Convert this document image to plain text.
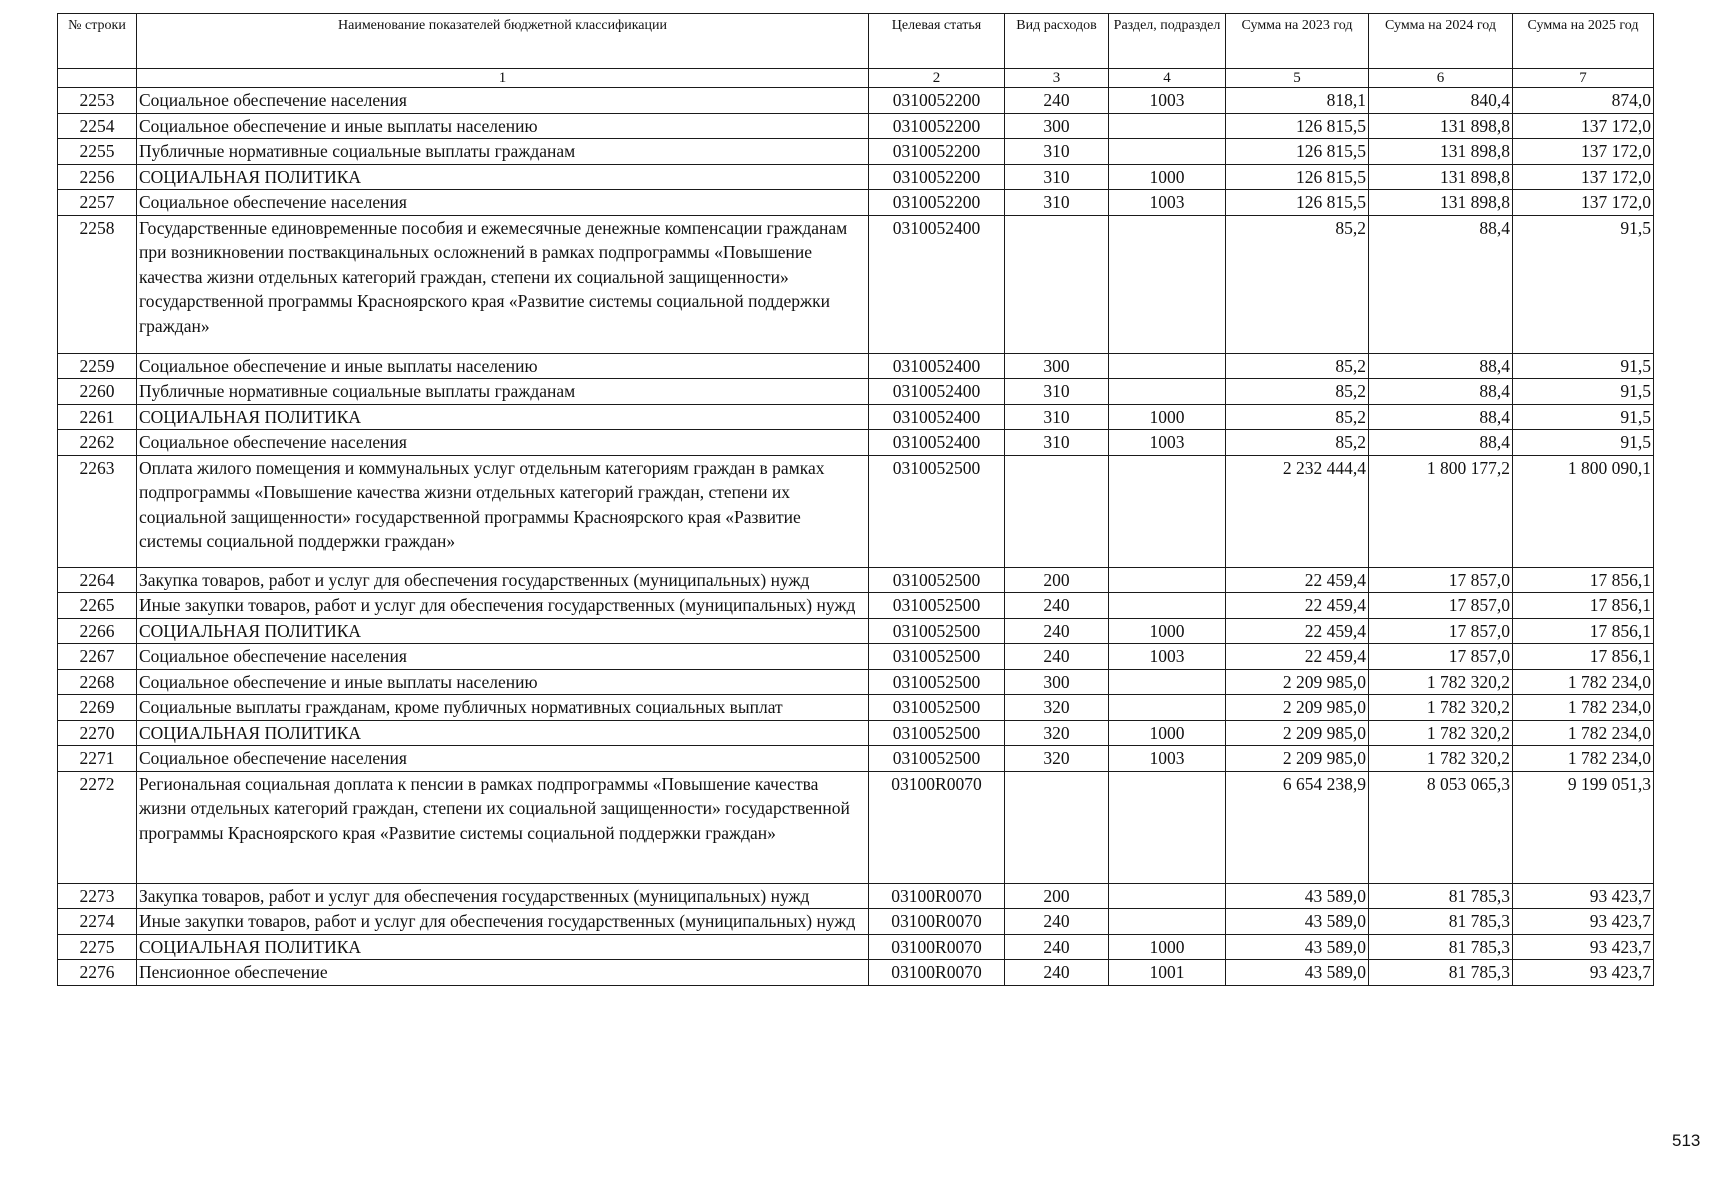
№ строки	Наименование показателей бюджетной классификации	Целевая статья	Вид расходов	Раздел, подраздел	Сумма на 2023 год	Сумма на 2024 год	Сумма на 2025 год
	1	2	3	4	5	6	7
2253	Социальное обеспечение населения	0310052200	240	1003	818,1	840,4	874,0
2254	Социальное обеспечение и иные выплаты населению	0310052200	300		126 815,5	131 898,8	137 172,0
2255	Публичные нормативные социальные выплаты гражданам	0310052200	310		126 815,5	131 898,8	137 172,0
2256	СОЦИАЛЬНАЯ ПОЛИТИКА	0310052200	310	1000	126 815,5	131 898,8	137 172,0
2257	Социальное обеспечение населения	0310052200	310	1003	126 815,5	131 898,8	137 172,0
2258	Государственные единовременные пособия и ежемесячные денежные компенсации гражданам при возникновении поствакцинальных осложнений в рамках подпрограммы «Повышение качества жизни отдельных категорий граждан, степени их социальной защищенности» государственной программы Красноярского края «Развитие системы социальной поддержки граждан»	0310052400			85,2	88,4	91,5
2259	Социальное обеспечение и иные выплаты населению	0310052400	300		85,2	88,4	91,5
2260	Публичные нормативные социальные выплаты гражданам	0310052400	310		85,2	88,4	91,5
2261	СОЦИАЛЬНАЯ ПОЛИТИКА	0310052400	310	1000	85,2	88,4	91,5
2262	Социальное обеспечение населения	0310052400	310	1003	85,2	88,4	91,5
2263	Оплата жилого помещения и коммунальных услуг отдельным категориям граждан в рамках подпрограммы «Повышение качества жизни отдельных категорий граждан, степени их социальной защищенности» государственной программы Красноярского края «Развитие системы социальной поддержки граждан»	0310052500			2 232 444,4	1 800 177,2	1 800 090,1
2264	Закупка товаров, работ и услуг для обеспечения государственных (муниципальных) нужд	0310052500	200		22 459,4	17 857,0	17 856,1
2265	Иные закупки товаров, работ и услуг для обеспечения государственных (муниципальных) нужд	0310052500	240		22 459,4	17 857,0	17 856,1
2266	СОЦИАЛЬНАЯ ПОЛИТИКА	0310052500	240	1000	22 459,4	17 857,0	17 856,1
2267	Социальное обеспечение населения	0310052500	240	1003	22 459,4	17 857,0	17 856,1
2268	Социальное обеспечение и иные выплаты населению	0310052500	300		2 209 985,0	1 782 320,2	1 782 234,0
2269	Социальные выплаты гражданам, кроме публичных нормативных социальных выплат	0310052500	320		2 209 985,0	1 782 320,2	1 782 234,0
2270	СОЦИАЛЬНАЯ ПОЛИТИКА	0310052500	320	1000	2 209 985,0	1 782 320,2	1 782 234,0
2271	Социальное обеспечение населения	0310052500	320	1003	2 209 985,0	1 782 320,2	1 782 234,0
2272	Региональная социальная доплата к пенсии в рамках подпрограммы «Повышение качества жизни отдельных категорий граждан, степени их социальной защищенности» государственной программы Красноярского края «Развитие системы социальной поддержки граждан»	03100R0070			6 654 238,9	8 053 065,3	9 199 051,3
2273	Закупка товаров, работ и услуг для обеспечения государственных (муниципальных) нужд	03100R0070	200		43 589,0	81 785,3	93 423,7
2274	Иные закупки товаров, работ и услуг для обеспечения государственных (муниципальных) нужд	03100R0070	240		43 589,0	81 785,3	93 423,7
2275	СОЦИАЛЬНАЯ ПОЛИТИКА	03100R0070	240	1000	43 589,0	81 785,3	93 423,7
2276	Пенсионное обеспечение	03100R0070	240	1001	43 589,0	81 785,3	93 423,7
513
